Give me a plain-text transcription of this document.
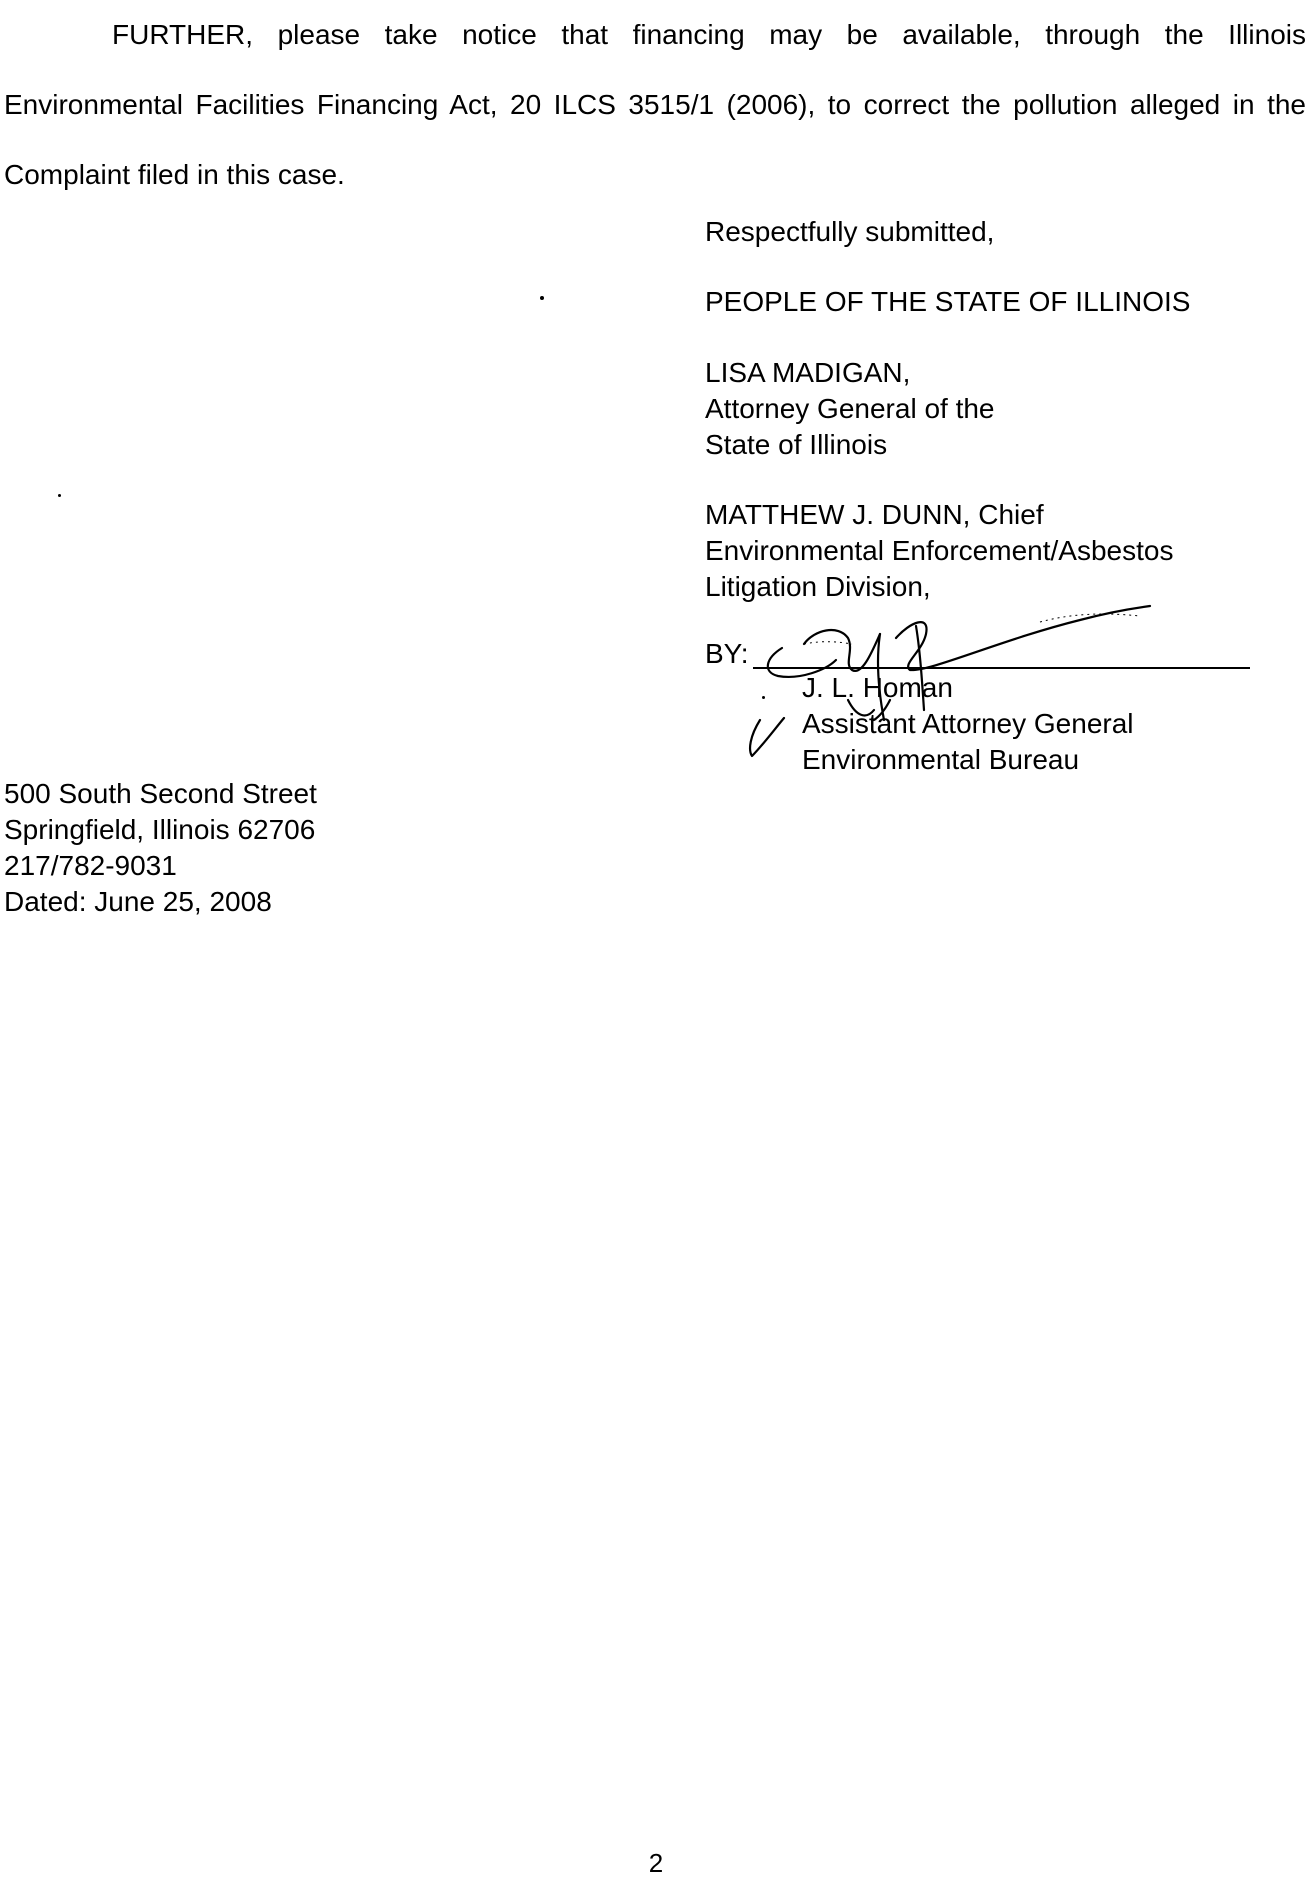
FURTHER, please take notice that financing may be available, through the Illinois Environmental Facilities Financing Act, 20 ILCS 3515/1 (2006), to correct the pollution alleged in the Complaint filed in this case.

Respectfully submitted,
PEOPLE OF THE STATE OF ILLINOIS
LISA MADIGAN,
Attorney General of the
State of Illinois
MATTHEW J. DUNN, Chief
Environmental Enforcement/Asbestos
Litigation Division,
BY:
J. L. Homan
Assistant Attorney General
Environmental Bureau
500 South Second Street
Springfield, Illinois 62706
217/782-9031
Dated: June 25, 2008
2
